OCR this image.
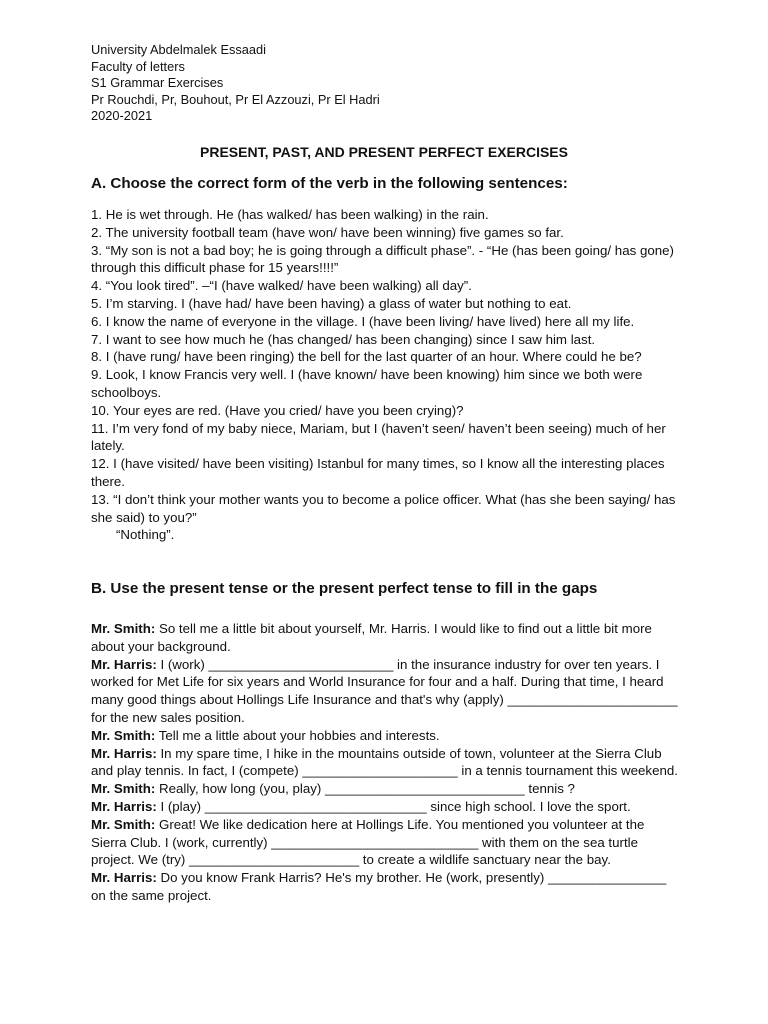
University Abdelmalek Essaadi
Faculty of letters
S1 Grammar Exercises
Pr Rouchdi, Pr, Bouhout, Pr El Azzouzi, Pr El Hadri
2020-2021
PRESENT, PAST, AND PRESENT PERFECT EXERCISES
A. Choose the correct form of the verb in the following sentences:

1. He is wet through. He (has walked/ has been walking) in the rain.

2. The university football team (have won/ have been winning) five games so far.

3. “My son is not a bad boy; he is going through a difficult phase”. - “He (has been going/ has gone) through this difficult phase for 15 years!!!!”

4. “You look tired”. –“I (have walked/ have been walking) all day”.

5. I’m starving. I (have had/ have been having) a glass of water but nothing to eat.

6. I know the name of everyone in the village. I (have been living/ have lived) here all my life.

7. I want to see how much he (has changed/ has been changing) since I saw him last.

8. I (have rung/ have been ringing) the bell for the last quarter of an hour. Where could he be?

9. Look, I know Francis very well. I (have known/ have been knowing) him since we both were schoolboys.

10. Your eyes are red. (Have you cried/ have you been crying)?

11. I’m very fond of my baby niece, Mariam, but I (haven’t seen/ haven’t been seeing) much of her lately.

12. I (have visited/ have been visiting) Istanbul for many times, so I know all the interesting places there.

13. “I don’t think your mother wants you to become a police officer. What (has she been saying/ has she said) to you?”

“Nothing”.

B. Use the present tense or the present perfect tense to fill in the gaps

Mr. Smith: So tell me a little bit about yourself, Mr. Harris. I would like to find out a little bit more about your background.

Mr. Harris: I (work) _________________________ in the insurance industry for over ten years. I worked for Met Life for six years and World Insurance for four and a half. During that time, I heard many good things about Hollings Life Insurance and that's why (apply) _______________________ for the new sales position.

Mr. Smith: Tell me a little about your hobbies and interests.

Mr. Harris: In my spare time, I hike in the mountains outside of town, volunteer at the Sierra Club and play tennis. In fact, I (compete) _____________________ in a tennis tournament this weekend.

Mr. Smith: Really, how long (you, play) ___________________________ tennis ?

Mr. Harris: I (play) ______________________________ since high school. I love the sport.

Mr. Smith: Great! We like dedication here at Hollings Life. You mentioned you volunteer at the Sierra Club. I (work, currently) ____________________________ with them on the sea turtle project. We (try) _______________________ to create a wildlife sanctuary near the bay.

Mr. Harris: Do you know Frank Harris? He's my brother. He (work, presently) ________________ on the same project.
